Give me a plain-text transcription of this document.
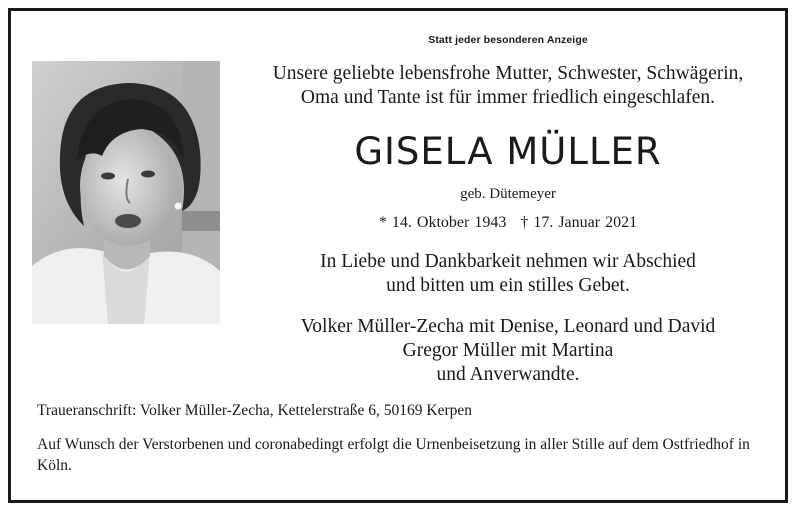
Statt jeder besonderen Anzeige
Unsere geliebte lebensfrohe Mutter, Schwester, Schwägerin,
Oma und Tante ist für immer friedlich eingeschlafen.
GISELA MÜLLER
geb. Dütemeyer
* 14. Oktober 1943 † 17. Januar 2021
In Liebe und Dankbarkeit nehmen wir Abschied
und bitten um ein stilles Gebet.
Volker Müller-Zecha mit Denise, Leonard und David
Gregor Müller mit Martina
und Anverwandte.
Traueranschrift: Volker Müller-Zecha, Kettelerstraße 6, 50169 Kerpen
Auf Wunsch der Verstorbenen und coronabedingt erfolgt die Urnenbeisetzung in aller Stille auf dem Ostfriedhof in Köln.
